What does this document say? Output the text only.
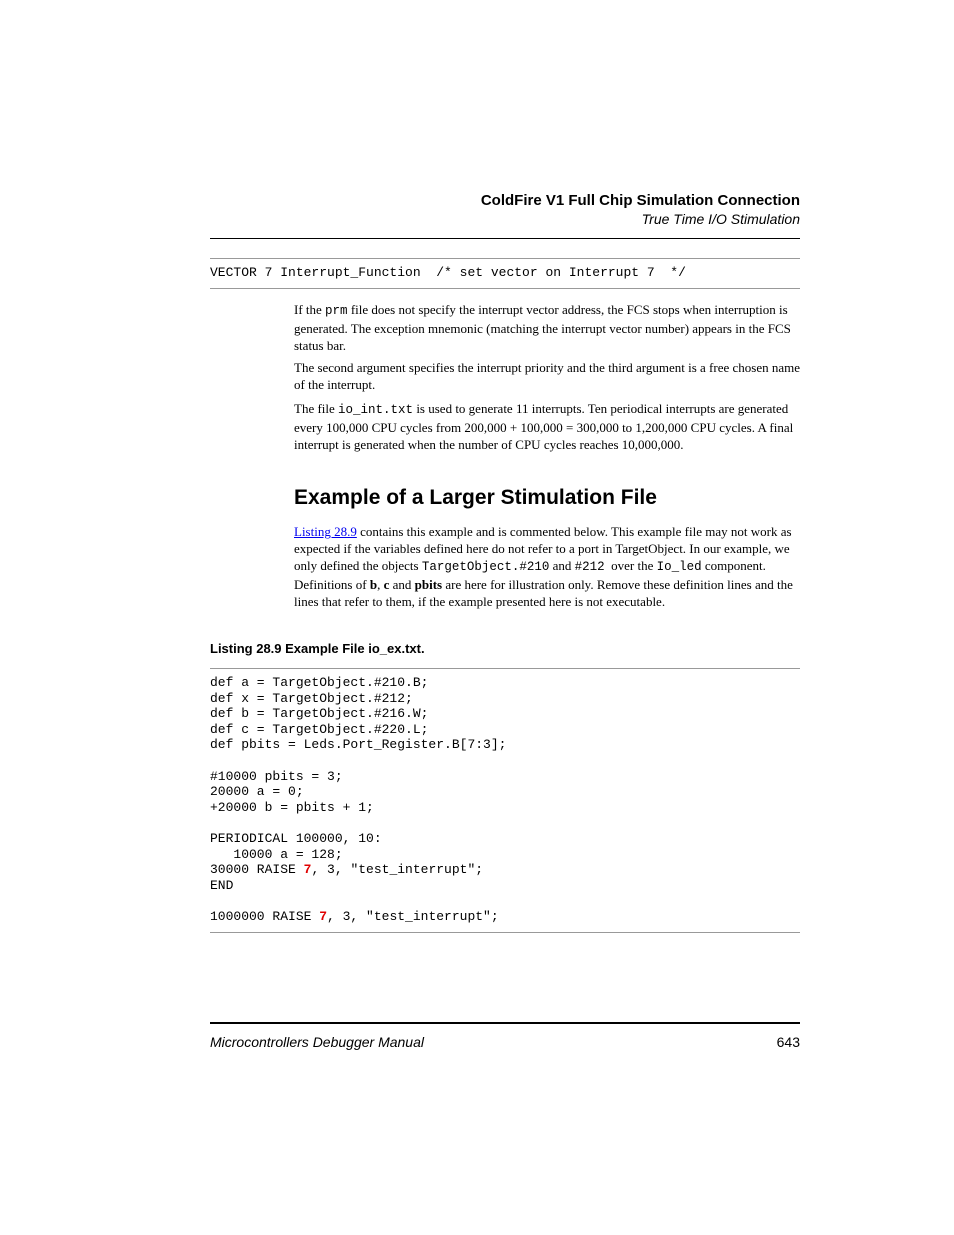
ColdFire V1 Full Chip Simulation Connection
True Time I/O Stimulation
VECTOR 7 Interrupt_Function  /* set vector on Interrupt 7  */

If the prm file does not specify the interrupt vector address, the FCS stops when interruption is generated. The exception mnemonic (matching the interrupt vector number) appears in the FCS status bar.

The second argument specifies the interrupt priority and the third argument is a free chosen name of the interrupt.

The file io_int.txt is used to generate 11 interrupts. Ten periodical interrupts are generated every 100,000 CPU cycles from 200,000 + 100,000 = 300,000 to 1,200,000 CPU cycles. A final interrupt is generated when the number of CPU cycles reaches 10,000,000.

Example of a Larger Stimulation File

Listing 28.9 contains this example and is commented below. This example file may not work as expected if the variables defined here do not refer to a port in TargetObject. In our example, we only defined the objects TargetObject.#210 and #212  over the Io_led component. Definitions of b, c and pbits are here for illustration only. Remove these definition lines and the lines that refer to them, if the example presented here is not executable.

Listing 28.9 Example File io_ex.txt.
def a = TargetObject.#210.B;
def x = TargetObject.#212;
def b = TargetObject.#216.W;
def c = TargetObject.#220.L;
def pbits = Leds.Port_Register.B[7:3];

#10000 pbits = 3;
20000 a = 0;
+20000 b = pbits + 1;

PERIODICAL 100000, 10:
10000 a = 128;
30000 RAISE 7, 3, "test_interrupt";
END

1000000 RAISE 7, 3, "test_interrupt";
Microcontrollers Debugger Manual	643
